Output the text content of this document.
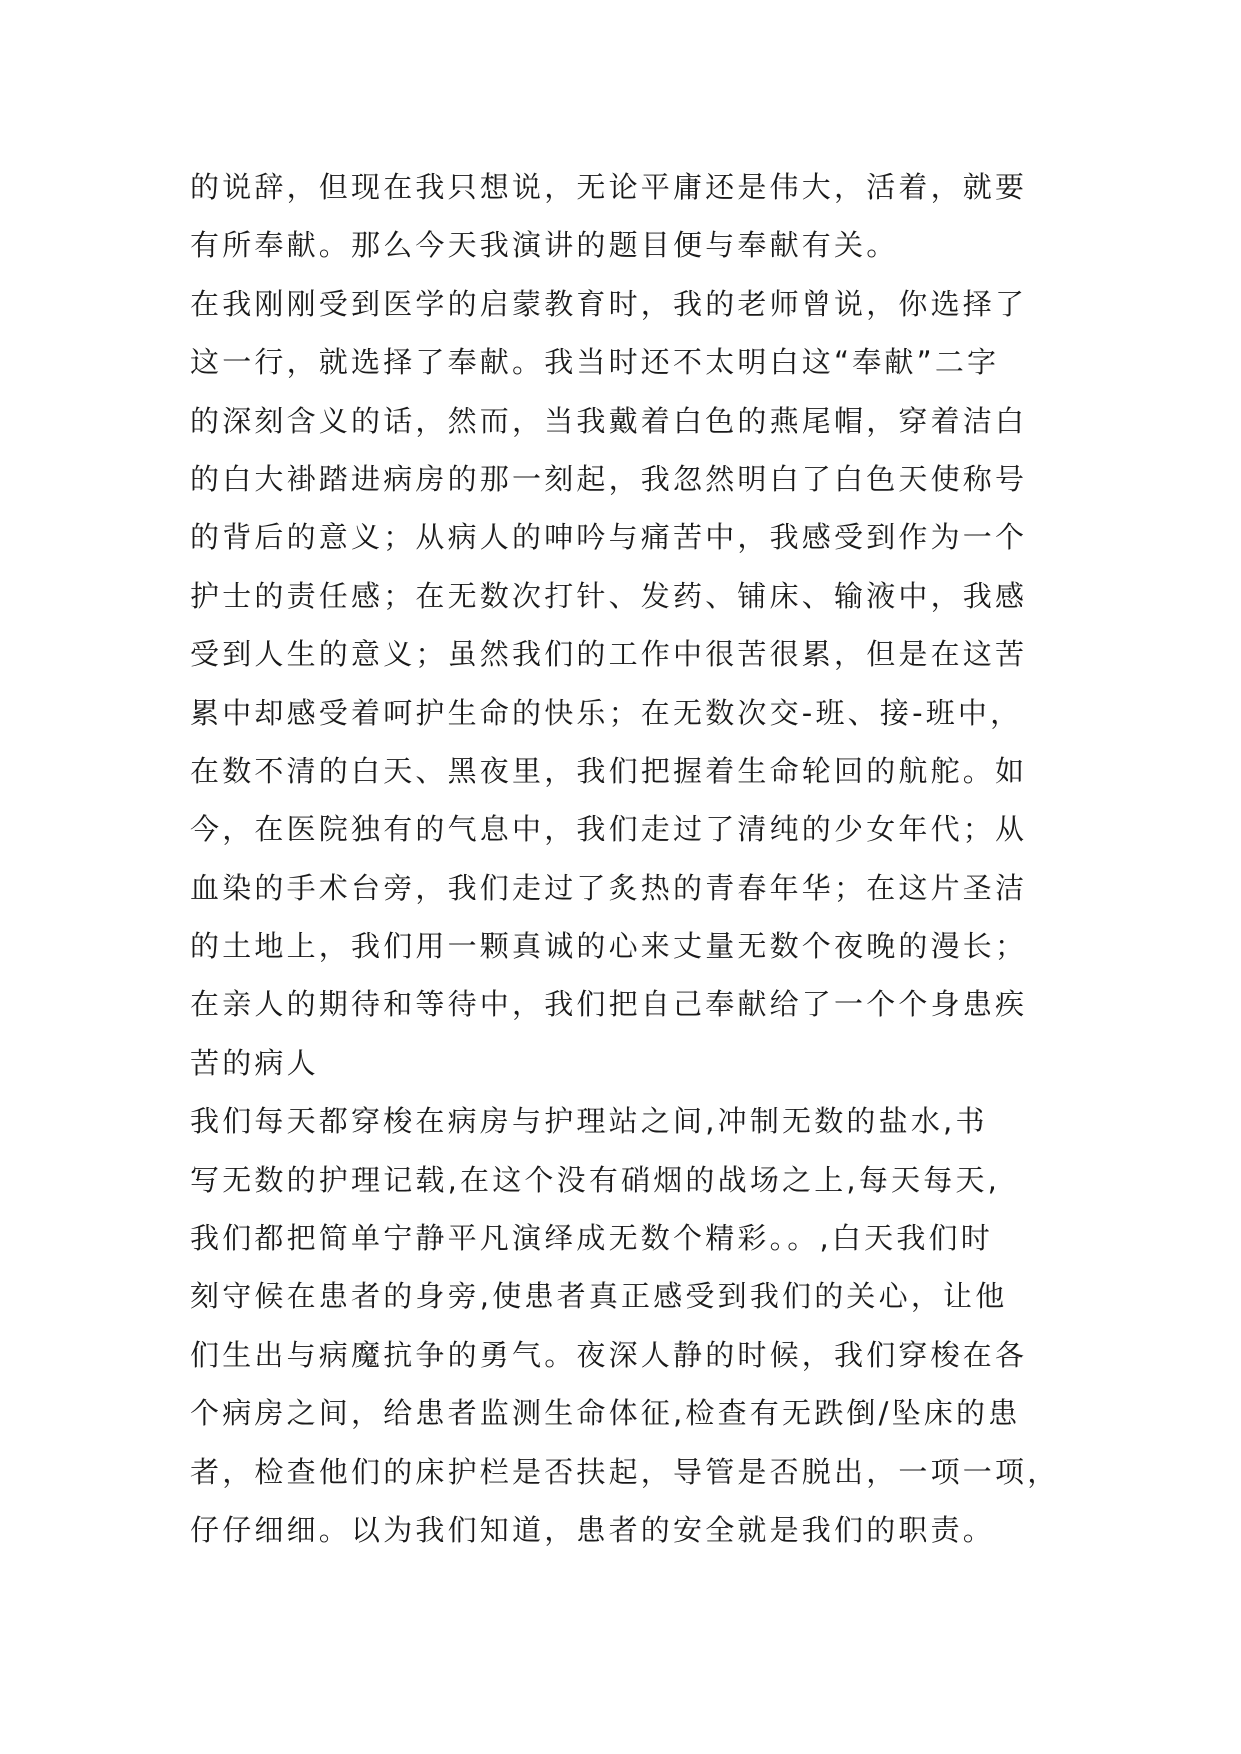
的说辞，但现在我只想说，无论平庸还是伟大，活着，就要
有所奉献。那么今天我演讲的题目便与奉献有关。
在我刚刚受到医学的启蒙教育时，我的老师曾说，你选择了
这一行，就选择了奉献。我当时还不太明白这“奉献”二字
的深刻含义的话，然而，当我戴着白色的燕尾帽，穿着洁白
的白大褂踏进病房的那一刻起，我忽然明白了白色天使称号
的背后的意义；从病人的呻吟与痛苦中，我感受到作为一个
护士的责任感；在无数次打针、发药、铺床、输液中，我感
受到人生的意义；虽然我们的工作中很苦很累，但是在这苦
累中却感受着呵护生命的快乐；在无数次交-班、接-班中，
在数不清的白天、黑夜里，我们把握着生命轮回的航舵。如
今，在医院独有的气息中，我们走过了清纯的少女年代；从
血染的手术台旁，我们走过了炙热的青春年华；在这片圣洁
的土地上，我们用一颗真诚的心来丈量无数个夜晚的漫长；
在亲人的期待和等待中，我们把自己奉献给了一个个身患疾
苦的病人
我们每天都穿梭在病房与护理站之间,冲制无数的盐水,书
写无数的护理记载,在这个没有硝烟的战场之上,每天每天,
我们都把简单宁静平凡演绎成无数个精彩。。,白天我们时
刻守候在患者的身旁,使患者真正感受到我们的关心，让他
们生出与病魔抗争的勇气。夜深人静的时候，我们穿梭在各
个病房之间，给患者监测生命体征,检查有无跌倒/坠床的患
者，检查他们的床护栏是否扶起，导管是否脱出，一项一项，
仔仔细细。以为我们知道，患者的安全就是我们的职责。
